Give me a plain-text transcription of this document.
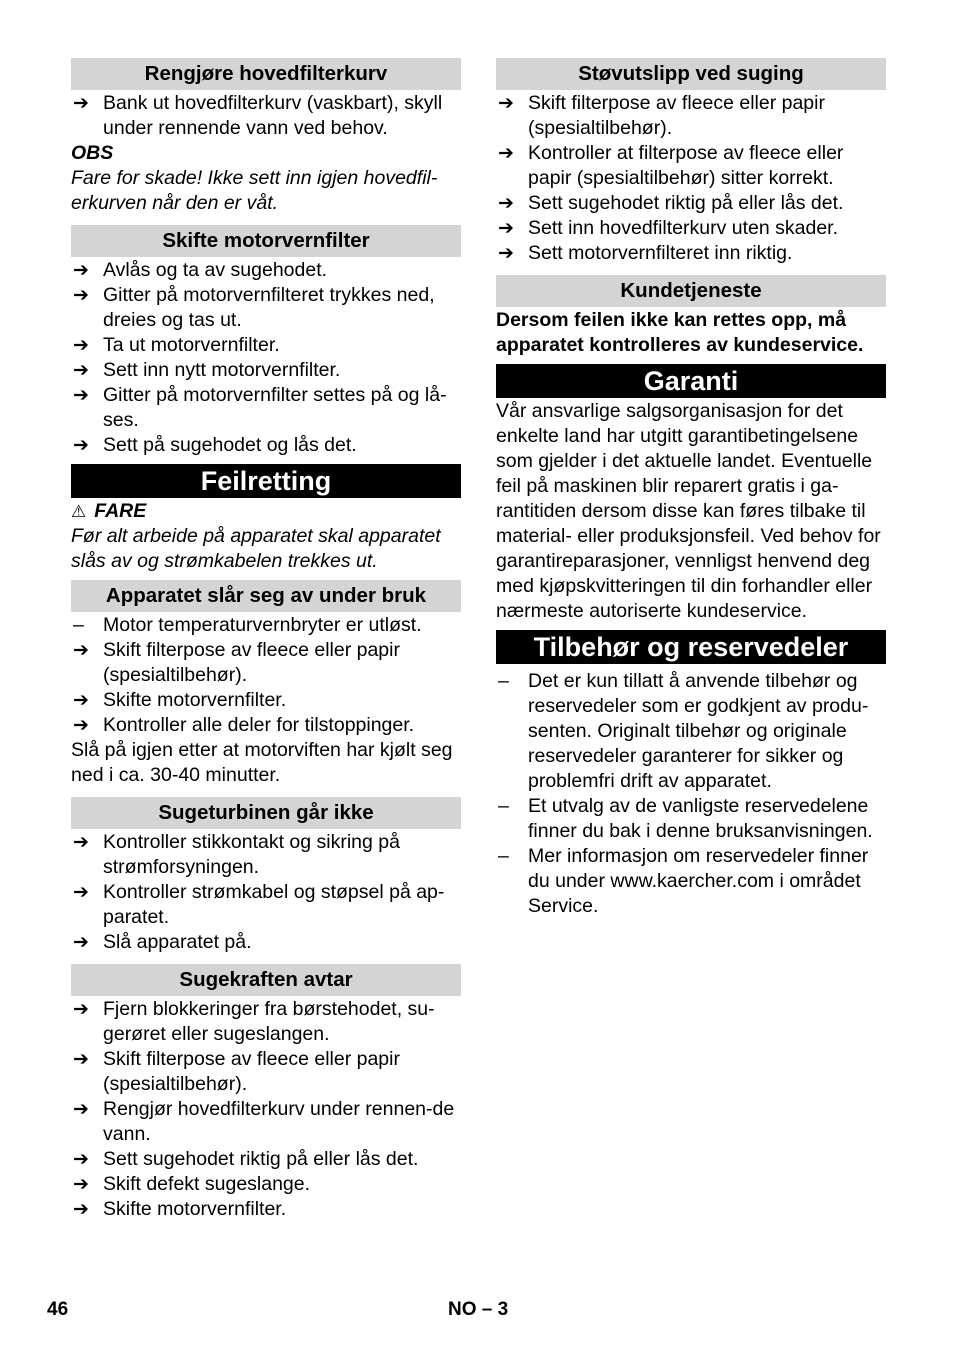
Rengjøre hovedfilterkurv
➔ Bank ut hovedfilterkurv (vaskbart), skyll under rennende vann ved behov.
OBS
Fare for skade! Ikke sett inn igjen hovedfil-
erkurven når den er våt.
Skifte motorvernfilter
➔ Avlås og ta av sugehodet.
➔ Gitter på motorvernfilteret trykkes ned, dreies og tas ut.
➔ Ta ut motorvernfilter.
➔ Sett inn nytt motorvernfilter.
➔ Gitter på motorvernfilter settes på og lå-ses.
➔ Sett på sugehodet og lås det.
Feilretting
⚠ FARE
Før alt arbeide på apparatet skal apparatet slås av og strømkabelen trekkes ut.
Apparatet slår seg av under bruk
– Motor temperaturvernbryter er utløst.
➔ Skift filterpose av fleece eller papir (spesialtilbehør).
➔ Skifte motorvernfilter.
➔ Kontroller alle deler for tilstoppinger.
Slå på igjen etter at motorviften har kjølt seg ned i ca. 30-40 minutter.
Sugeturbinen går ikke
➔ Kontroller stikkontakt og sikring på strømforsyningen.
➔ Kontroller strømkabel og støpsel på ap-paratet.
➔ Slå apparatet på.
Sugekraften avtar
➔ Fjern blokkeringer fra børstehodet, su-gerøret eller sugeslangen.
➔ Skift filterpose av fleece eller papir (spesialtilbehør).
➔ Rengjør hovedfilterkurv under rennen-de vann.
➔ Sett sugehodet riktig på eller lås det.
➔ Skift defekt sugeslange.
➔ Skifte motorvernfilter.
Støvutslipp ved suging
➔ Skift filterpose av fleece eller papir (spesialtilbehør).
➔ Kontroller at filterpose av fleece eller papir (spesialtilbehør) sitter korrekt.
➔ Sett sugehodet riktig på eller lås det.
➔ Sett inn hovedfilterkurv uten skader.
➔ Sett motorvernfilteret inn riktig.
Kundetjeneste
Dersom feilen ikke kan rettes opp, må apparatet kontrolleres av kundeservice.
Garanti
Vår ansvarlige salgsorganisasjon for det enkelte land har utgitt garantibetingelsene som gjelder i det aktuelle landet. Eventuelle feil på maskinen blir reparert gratis i ga-rantitiden dersom disse kan føres tilbake til material- eller produksjonsfeil. Ved behov for garantireparasjoner, vennligst henvend deg med kjøpskvitteringen til din forhandler eller nærmeste autoriserte kundeservice.
Tilbehør og reservedeler
– Det er kun tillatt å anvende tilbehør og reservedeler som er godkjent av produ-senten. Originalt tilbehør og originale reservedeler garanterer for sikker og problemfri drift av apparatet.
– Et utvalg av de vanligste reservedelene finner du bak i denne bruksanvisningen.
– Mer informasjon om reservedeler finner du under www.kaercher.com i området Service.
46	NO – 3
